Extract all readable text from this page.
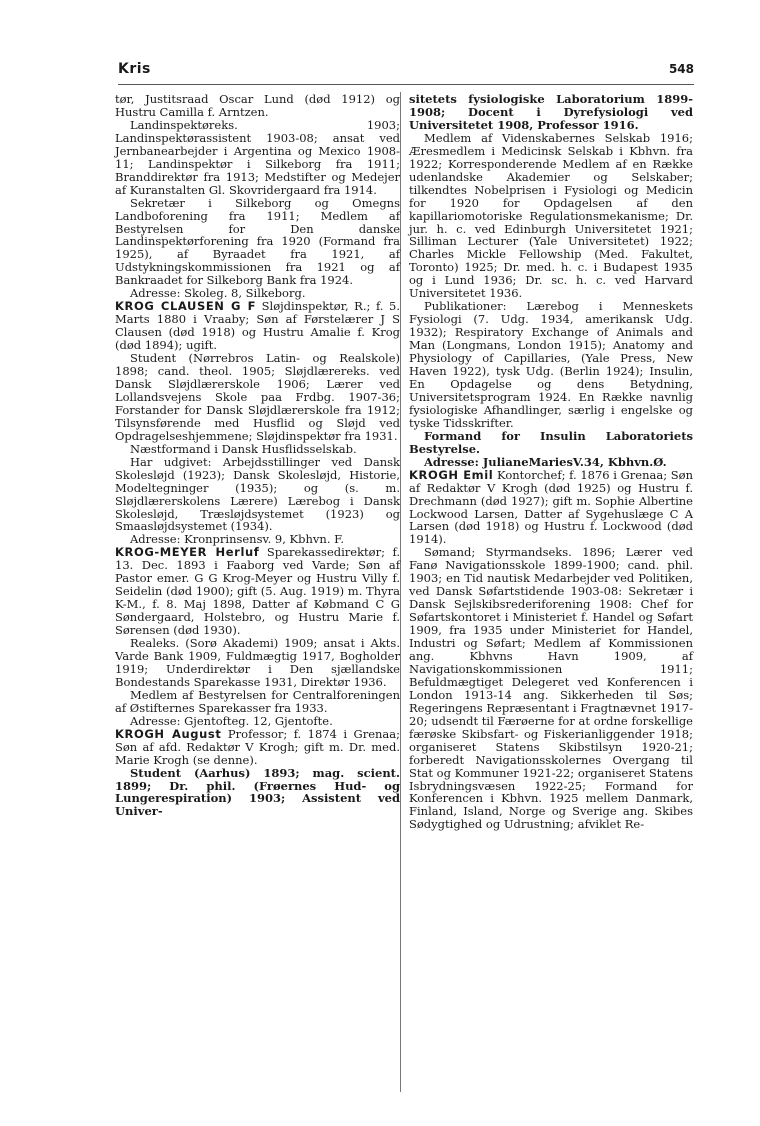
Kris	548

tør, Justitsraad Oscar Lund (død 1912) og Hustru Camilla f. Arntzen.

Landinspektøreks. 1903; Landinspektørassistent 1903-08; ansat ved Jernbanearbejder i Argentina og Mexico 1908-11; Landinspektør i Silkeborg fra 1911; Branddirektør fra 1913; Medstifter og Medejer af Kuranstalten Gl. Skovridergaard fra 1914.

Sekretær i Silkeborg og Omegns Landboforening fra 1911; Medlem af Bestyrelsen for Den danske Landinspektørforening fra 1920 (Formand fra 1925), af Byraadet fra 1921, af Udstykningskommissionen fra 1921 og af Bankraadet for Silkeborg Bank fra 1924.

Adresse: Skoleg. 8, Silkeborg.

KROG CLAUSEN G F Sløjdinspektør, R.; f. 5. Marts 1880 i Vraaby; Søn af Førstelærer J S Clausen (død 1918) og Hustru Amalie f. Krog (død 1894); ugift.

Student (Nørrebros Latin- og Realskole) 1898; cand. theol. 1905; Sløjdlærereks. ved Dansk Sløjdlærerskole 1906; Lærer ved Lollandsvejens Skole paa Frdbg. 1907-36; Forstander for Dansk Sløjdlærerskole fra 1912; Tilsynsførende med Husflid og Sløjd ved Opdragelseshjemmene; Sløjdinspektør fra 1931.

Næstformand i Dansk Husflidsselskab.

Har udgivet: Arbejdsstillinger ved Dansk Skolesløjd (1923); Dansk Skolesløjd, Historie, Modeltegninger (1935); og (s. m. Sløjdlærerskolens Lærere) Lærebog i Dansk Skolesløjd, Træsløjdsystemet (1923) og Smaasløjdsystemet (1934).

Adresse: Kronprinsensv. 9, Kbhvn. F.

KROG-MEYER Herluf Sparekassedirektør; f. 13. Dec. 1893 i Faaborg ved Varde; Søn af Pastor emer. G G Krog-Meyer og Hustru Villy f. Seidelin (død 1900); gift (5. Aug. 1919) m. Thyra K-M., f. 8. Maj 1898, Datter af Købmand C G Søndergaard, Holstebro, og Hustru Marie f. Sørensen (død 1930).

Realeks. (Sorø Akademi) 1909; ansat i Akts. Varde Bank 1909, Fuldmægtig 1917, Bogholder 1919; Underdirektør i Den sjællandske Bondestands Sparekasse 1931, Direktør 1936.

Medlem af Bestyrelsen for Centralforeningen af Østifternes Sparekasser fra 1933.

Adresse: Gjentofteg. 12, Gjentofte.

KROGH August Professor; f. 1874 i Grenaa; Søn af afd. Redaktør V Krogh; gift m. Dr. med. Marie Krogh (se denne).

Student (Aarhus) 1893; mag. scient. 1899; Dr. phil. (Frøernes Hud- og Lungerespiration) 1903; Assistent ved Univer-

sitetets fysiologiske Laboratorium 1899-1908; Docent i Dyrefysiologi ved Universitetet 1908, Professor 1916.

Medlem af Videnskabernes Selskab 1916; Æresmedlem i Medicinsk Selskab i Kbhvn. fra 1922; Korresponderende Medlem af en Række udenlandske Akademier og Selskaber; tilkendtes Nobelprisen i Fysiologi og Medicin for 1920 for Opdagelsen af den kapillariomotoriske Regulationsmekanisme; Dr. jur. h. c. ved Edinburgh Universitetet 1921; Silliman Lecturer (Yale Universitetet) 1922; Charles Mickle Fellowship (Med. Fakultet, Toronto) 1925; Dr. med. h. c. i Budapest 1935 og i Lund 1936; Dr. sc. h. c. ved Harvard Universitetet 1936.

Publikationer: Lærebog i Menneskets Fysiologi (7. Udg. 1934, amerikansk Udg. 1932); Respiratory Exchange of Animals and Man (Longmans, London 1915); Anatomy and Physiology of Capillaries, (Yale Press, New Haven 1922), tysk Udg. (Berlin 1924); Insulin, En Opdagelse og dens Betydning, Universitetsprogram 1924. En Række navnlig fysiologiske Afhandlinger, særlig i engelske og tyske Tidsskrifter.

Formand for Insulin Laboratoriets Bestyrelse.

Adresse: JulianeMariesV.34, Kbhvn.Ø.

KROGH Emil Kontorchef; f. 1876 i Grenaa; Søn af Redaktør V Krogh (død 1925) og Hustru f. Drechmann (død 1927); gift m. Sophie Albertine Lockwood Larsen, Datter af Sygehuslæge C A Larsen (død 1918) og Hustru f. Lockwood (død 1914).

Sømand; Styrmandseks. 1896; Lærer ved Fanø Navigationsskole 1899-1900; cand. phil. 1903; en Tid nautisk Medarbejder ved Politiken, ved Dansk Søfartstidende 1903-08: Sekretær i Dansk Sejlskibsrederiforening 1908: Chef for Søfartskontoret i Ministeriet f. Handel og Søfart 1909, fra 1935 under Ministeriet for Handel, Industri og Søfart; Medlem af Kommissionen ang. Kbhvns Havn 1909, af Navigationskommissionen 1911; Befuldmægtiget Delegeret ved Konferencen i London 1913-14 ang. Sikkerheden til Søs; Regeringens Repræsentant i Fragtnævnet 1917-20; udsendt til Færøerne for at ordne forskellige færøske Skibsfart- og Fiskerianliggender 1918; organiseret Statens Skibstilsyn 1920-21; forberedt Navigationsskolernes Overgang til Stat og Kommuner 1921-22; organiseret Statens Isbrydningsvæsen 1922-25; Formand for Konferencen i Kbhvn. 1925 mellem Danmark, Finland, Island, Norge og Sverige ang. Skibes Sødygtighed og Udrustning; afviklet Re-
